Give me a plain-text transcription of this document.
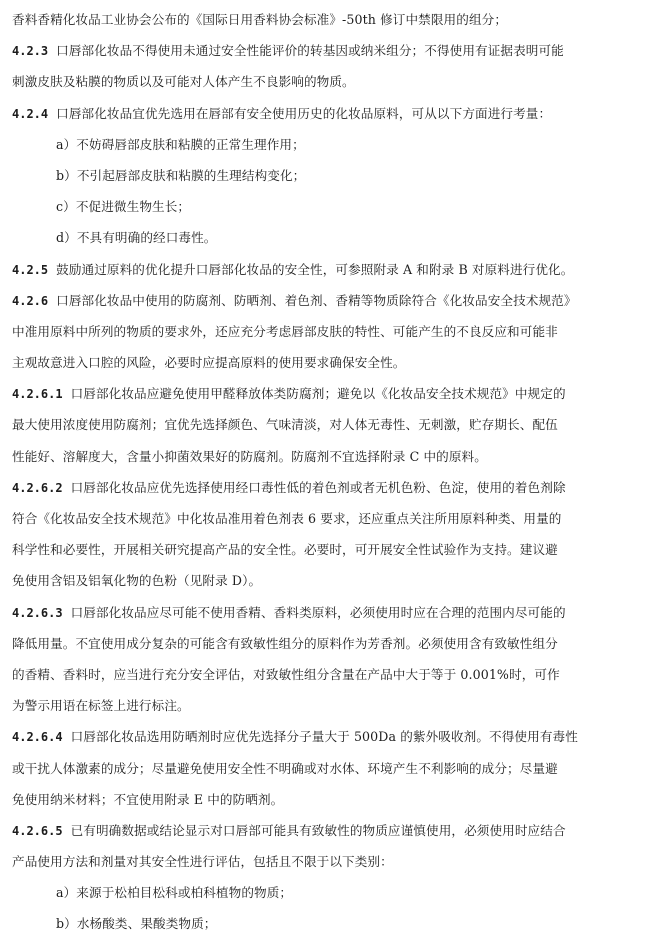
香料香精化妆品工业协会公布的《国际日用香料协会标准》-50th 修订中禁限用的组分；
4.2.3 口唇部化妆品不得使用未通过安全性能评价的转基因或纳米组分；不得使用有证据表明可能
刺激皮肤及粘膜的物质以及可能对人体产生不良影响的物质。
4.2.4 口唇部化妆品宜优先选用在唇部有安全使用历史的化妆品原料，可从以下方面进行考量：
a）不妨碍唇部皮肤和粘膜的正常生理作用；
b）不引起唇部皮肤和粘膜的生理结构变化；
c）不促进微生物生长；
d）不具有明确的经口毒性。
4.2.5 鼓励通过原料的优化提升口唇部化妆品的安全性，可参照附录 A 和附录 B 对原料进行优化。
4.2.6 口唇部化妆品中使用的防腐剂、防晒剂、着色剂、香精等物质除符合《化妆品安全技术规范》
中准用原料中所列的物质的要求外，还应充分考虑唇部皮肤的特性、可能产生的不良反应和可能非
主观故意进入口腔的风险，必要时应提高原料的使用要求确保安全性。
4.2.6.1 口唇部化妆品应避免使用甲醛释放体类防腐剂；避免以《化妆品安全技术规范》中规定的
最大使用浓度使用防腐剂；宜优先选择颜色、气味清淡，对人体无毒性、无刺激，贮存期长、配伍
性能好、溶解度大，含量小抑菌效果好的防腐剂。防腐剂不宜选择附录 C 中的原料。
4.2.6.2 口唇部化妆品应优先选择使用经口毒性低的着色剂或者无机色粉、色淀，使用的着色剂除
符合《化妆品安全技术规范》中化妆品准用着色剂表 6 要求，还应重点关注所用原料种类、用量的
科学性和必要性，开展相关研究提高产品的安全性。必要时，可开展安全性试验作为支持。建议避
免使用含铝及铝氧化物的色粉（见附录 D）。
4.2.6.3 口唇部化妆品应尽可能不使用香精、香料类原料，必须使用时应在合理的范围内尽可能的
降低用量。不宜使用成分复杂的可能含有致敏性组分的原料作为芳香剂。必须使用含有致敏性组分
的香精、香料时，应当进行充分安全评估，对致敏性组分含量在产品中大于等于 0.001%时，可作
为警示用语在标签上进行标注。
4.2.6.4 口唇部化妆品选用防晒剂时应优先选择分子量大于 500Da 的紫外吸收剂。不得使用有毒性
或干扰人体激素的成分；尽量避免使用安全性不明确或对水体、环境产生不利影响的成分；尽量避
免使用纳米材料；不宜使用附录 E 中的防晒剂。
4.2.6.5 已有明确数据或结论显示对口唇部可能具有致敏性的物质应谨慎使用，必须使用时应结合
产品使用方法和剂量对其安全性进行评估，包括且不限于以下类别：
a）来源于松柏目松科或柏科植物的物质；
b）水杨酸类、果酸类物质；
